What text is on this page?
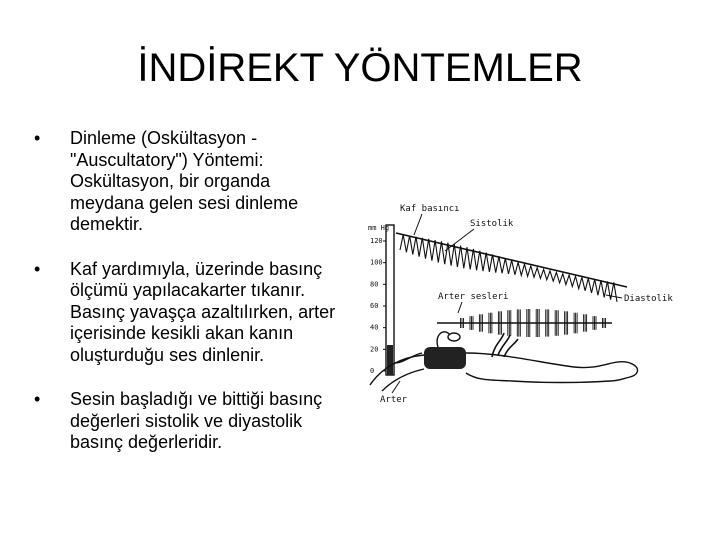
İNDİREKT YÖNTEMLER
• Dinleme (Oskültasyon - "Auscultatory") Yöntemi: Oskültasyon, bir organda meydana gelen sesi dinleme demektir.
• Kaf yardımıyla, üzerinde basınç ölçümü yapılacakarter tıkanır. Basınç yavaşça azaltılırken, arter içerisinde kesikli akan kanın oluşturduğu ses dinlenir.
• Sesin başladığı ve bittiği basınç değerleri sistolik ve diyastolik basınç değerleridir.
120
100
80
60
40
20
0
mm Hg
Kaf basıncı
Sistolik
Diastolik
Arter sesleri
Arter
